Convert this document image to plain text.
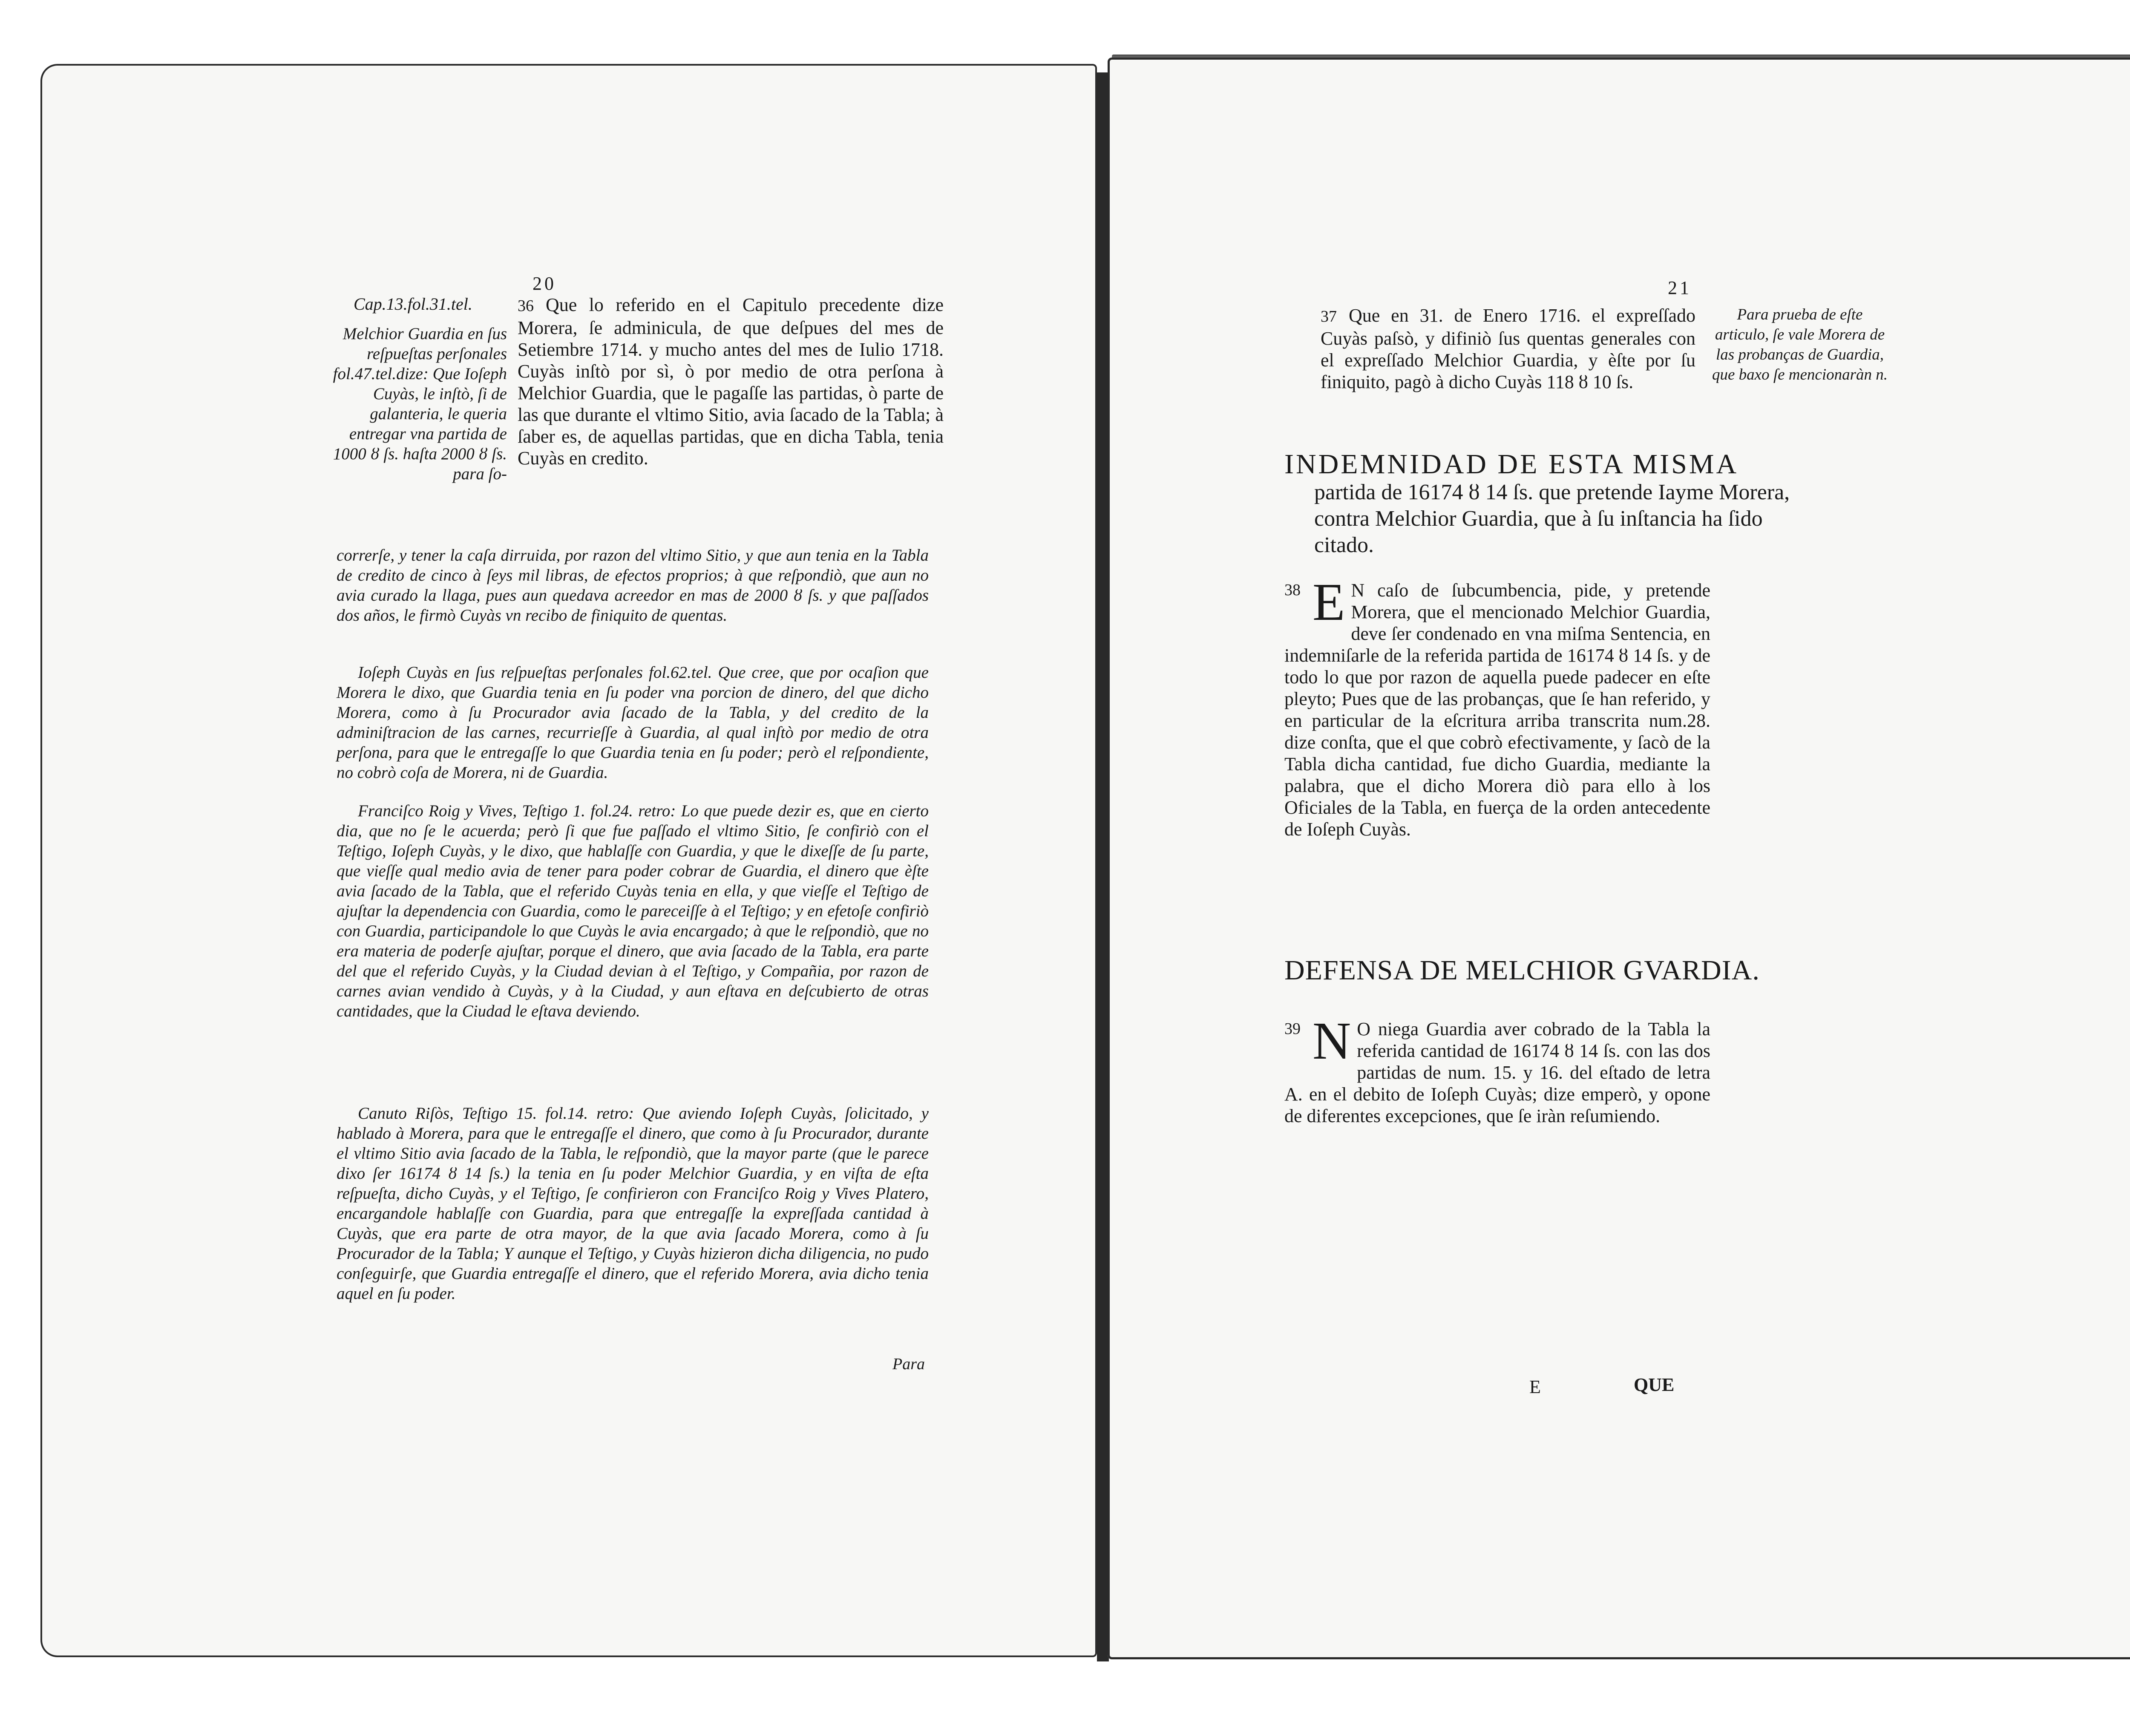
20
Cap.13.fol.31.tel.
Melchior Guardia en ſus reſpueſtas perſonales fol.47.tel.dize: Que Ioſeph Cuyàs, le inſtò, ſi de galanteria, le queria entregar vna partida de 1000 ȣ ſs. haſta 2000 ȣ ſs. para ſo-
36 Que lo referido en el Capitulo precedente dize Morera, ſe adminicula, de que deſpues del mes de Setiembre 1714. y mucho antes del mes de Iulio 1718. Cuyàs inſtò por sì, ò por medio de otra perſona à Melchior Guardia, que le pagaſſe las partidas, ò parte de las que durante el vltimo Sitio, avia ſacado de la Tabla; à ſaber es, de aquellas partidas, que en dicha Tabla, tenia Cuyàs en credito.
correrſe, y tener la caſa dirruida, por razon del vltimo Sitio, y que aun tenia en la Tabla de credito de cinco à ſeys mil libras, de efectos proprios; à que reſpondiò, que aun no avia curado la llaga, pues aun quedava acreedor en mas de 2000 ȣ ſs. y que paſſados dos años, le firmò Cuyàs vn recibo de finiquito de quentas.
Ioſeph Cuyàs en ſus reſpueſtas perſonales fol.62.tel. Que cree, que por ocaſion que Morera le dixo, que Guardia tenia en ſu poder vna porcion de dinero, del que dicho Morera, como à ſu Procurador avia ſacado de la Tabla, y del credito de la adminiſtracion de las carnes, recurrieſſe à Guardia, al qual inſtò por medio de otra perſona, para que le entregaſſe lo que Guardia tenia en ſu poder; però el reſpondiente, no cobrò coſa de Morera, ni de Guardia.
Franciſco Roig y Vives, Teſtigo 1. fol.24. retro: Lo que puede dezir es, que en cierto dia, que no ſe le acuerda; però ſi que fue paſſado el vltimo Sitio, ſe confiriò con el Teſtigo, Ioſeph Cuyàs, y le dixo, que hablaſſe con Guardia, y que le dixeſſe de ſu parte, que vieſſe qual medio avia de tener para poder cobrar de Guardia, el dinero que èſte avia ſacado de la Tabla, que el referido Cuyàs tenia en ella, y que vieſſe el Teſtigo de ajuſtar la dependencia con Guardia, como le pareceiſſe à el Teſtigo; y en efetoſe confiriò con Guardia, participandole lo que Cuyàs le avia encargado; à que le reſpondiò, que no era materia de poderſe ajuſtar, porque el dinero, que avia ſacado de la Tabla, era parte del que el referido Cuyàs, y la Ciudad devian à el Teſtigo, y Compañia, por razon de carnes avian vendido à Cuyàs, y à la Ciudad, y aun eſtava en deſcubierto de otras cantidades, que la Ciudad le eſtava deviendo.
Canuto Riſòs, Teſtigo 15. fol.14. retro: Que aviendo Ioſeph Cuyàs, ſolicitado, y hablado à Morera, para que le entregaſſe el dinero, que como à ſu Procurador, durante el vltimo Sitio avia ſacado de la Tabla, le reſpondiò, que la mayor parte (que le parece dixo ſer 16174 ȣ 14 ſs.) la tenia en ſu poder Melchior Guardia, y en viſta de eſta reſpueſta, dicho Cuyàs, y el Teſtigo, ſe confirieron con Franciſco Roig y Vives Platero, encargandole hablaſſe con Guardia, para que entregaſſe la expreſſada cantidad à Cuyàs, que era parte de otra mayor, de la que avia ſacado Morera, como à ſu Procurador de la Tabla; Y aunque el Teſtigo, y Cuyàs hizieron dicha diligencia, no pudo conſeguirſe, que Guardia entregaſſe el dinero, que el referido Morera, avia dicho tenia aquel en ſu poder.
Para
21
37 Que en 31. de Enero 1716. el expreſſado Cuyàs paſsò, y difiniò ſus quentas generales con el expreſſado Melchior Guardia, y èſte por ſu finiquito, pagò à dicho Cuyàs 118 ȣ 10 ſs.
Para prueba de eſte articulo, ſe vale Morera de las probanças de Guardia, que baxo ſe mencionaràn n.
INDEMNIDAD DE ESTA MISMA
partida de 16174 ȣ 14 ſs. que pretende Iayme Morera, contra Melchior Guardia, que à ſu inſtancia ha ſido citado.
38 E N caſo de ſubcumbencia, pide, y pretende Morera, que el mencionado Melchior Guardia, deve ſer condenado en vna miſma Sentencia, en indemniſarle de la referida partida de 16174 ȣ 14 ſs. y de todo lo que por razon de aquella puede padecer en eſte pleyto; Pues que de las probanças, que ſe han referido, y en particular de la eſcritura arriba transcrita num.28. dize conſta, que el que cobrò efectivamente, y ſacò de la Tabla dicha cantidad, fue dicho Guardia, mediante la palabra, que el dicho Morera diò para ello à los Oficiales de la Tabla, en fuerça de la orden antecedente de Ioſeph Cuyàs.
DEFENSA DE MELCHIOR GVARDIA.
39 N O niega Guardia aver cobrado de la Tabla la referida cantidad de 16174 ȣ 14 ſs. con las dos partidas de num. 15. y 16. del eſtado de letra A. en el debito de Ioſeph Cuyàs; dize emperò, y opone de diferentes excepciones, que ſe iràn reſumiendo.
E	QUE
